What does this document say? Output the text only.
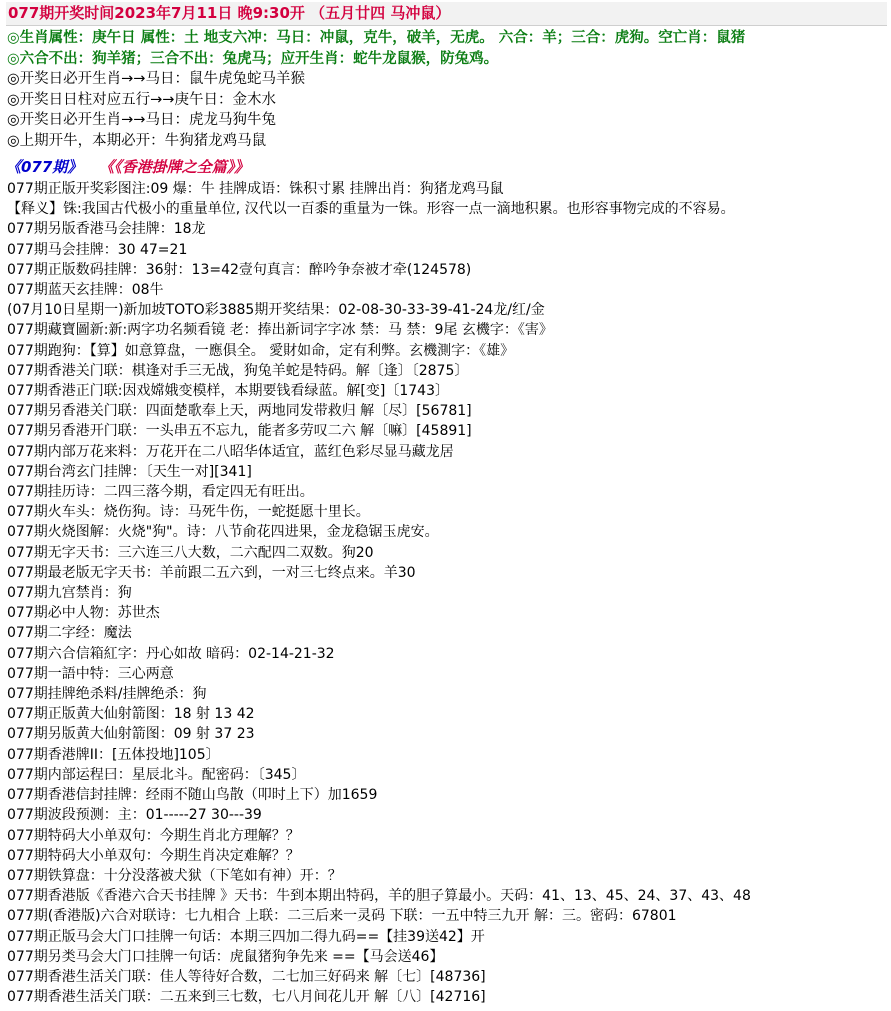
077期开奖时间2023年7月11日 晚9:30开 （五月廿四 马冲鼠）
◎生肖属性：庚午日 属性：土 地支六冲：马日：冲鼠，克牛，破羊，无虎。 六合：羊；三合：虎狗。空亡肖：鼠猪
◎六合不出：狗羊猪；三合不出：兔虎马；应开生肖：蛇牛龙鼠猴，防兔鸡。
◎开奖日必开生肖→→马日：鼠牛虎兔蛇马羊猴
◎开奖日日柱对应五行→→庚午日：金木水
◎开奖日必开生肖→→马日：虎龙马狗牛兔
◎上期开牛，本期必开：牛狗猪龙鸡马鼠
《077期》 《《香港掛牌之全篇》》
077期正版开奖彩图注:09 爆：牛 挂牌成语：铢积寸累 挂牌出肖：狗猪龙鸡马鼠
【释义】铢:我国古代极小的重量单位, 汉代以一百黍的重量为一铢。形容一点一滴地积累。也形容事物完成的不容易。
077期另版香港马会挂牌：18龙
077期马会挂牌：30 47=21
077期正版数码挂牌：36射：13=42壹句真言：醉吟争奈被才牵(124578)
077期蓝天玄挂牌：08牛
(07月10日星期一)新加坡TOTO彩3885期开奖结果：02-08-30-33-39-41-24龙/红/金
077期藏寶圖新:新:两字功名频看镜 老：捧出新词字字冰 禁：马 禁：9尾 玄機字：《害》
077期跑狗：【算】如意算盘，一應俱全。 愛財如命，定有利弊。玄機測字：《雄》
077期香港关门联：棋逢对手三无战，狗兔羊蛇是特码。解〔逢〕〔2875〕
077期香港正门联:因戏嫦娥变模样，本期要钱看绿蓝。解[变]〔1743〕
077期另香港关门联：四面楚歌奉上天，两地同发带救归 解〔尽〕[56781]
077期另香港开门联：一头串五不忘九，能者多劳叹二六 解〔嘛〕[45891]
077期内部万花来料：万花开在二八昭华体适宜，蓝红色彩尽显马藏龙居
077期台湾玄门挂牌：〔天生一对][341]
077期挂历诗：二四三落今期，看定四无有旺出。
077期火车头：烧伤狗。诗：马死牛伤，一蛇挺愿十里长。
077期火烧图解：火烧"狗"。诗：八节俞花四进果，金龙稳锯玉虎安。
077期无字天书：三六连三八大数，二六配四二双数。狗20
077期最老版无字天书：羊前跟二五六到，一对三七终点来。羊30
077期九宫禁肖：狗
077期必中人物：苏世杰
077期二字经：魔法
077期六合信箱紅字：丹心如故 暗码：02-14-21-32
077期一語中特：三心两意
077期挂牌绝杀料/挂牌绝杀：狗
077期正版黄大仙射箭图：18 射 13 42
077期另版黄大仙射箭图：09 射 37 23
077期香港牌II：[五体投地]105〕
077期内部运程曰：星辰北斗。配密码：〔345〕
077期香港信封挂牌：经雨不随山鸟散（叩时上下）加1659
077期波段预测：主：01-----27 30---39
077期特码大小单双句：今期生肖北方理解？？
077期特码大小单双句：今期生肖决定难解？？
077期铁算盘：十分没落被犬狱（下笔如有神）开：？
077期香港版《香港六合天书挂牌 》天书：牛到本期出特码，羊的胆子算最小。天码：41、13、45、24、37、43、48
077期(香港版)六合对联诗：七九相合 上联：二三后来一灵码 下联：一五中特三九开 解：三。密码：67801
077期正版马会大门口挂牌一句话：本期三四加二得九码==【挂39送42】开
077期另类马会大门口挂牌一句话：虎鼠猪狗争先来 ==【马会送46】
077期香港生活关门联：佳人等待好合数，二七加三好码来 解〔七〕[48736]
077期香港生活关门联：二五来到三七数，七八月间花儿开 解〔八〕[42716]
